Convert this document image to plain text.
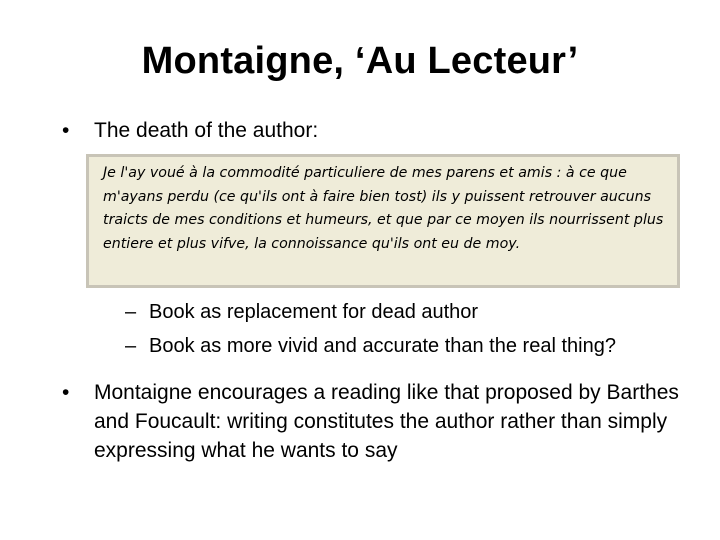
Montaigne, ‘Au Lecteur’
•	The death of the author:
Je l'ay voué à la commodité particuliere de mes parens et amis : à ce que m'ayans perdu (ce qu'ils ont à faire bien tost) ils y puissent retrouver aucuns traicts de mes conditions et humeurs, et que par ce moyen ils nourrissent plus entiere et plus vifve, la connoissance qu'ils ont eu de moy.
– Book as replacement for dead author
– Book as more vivid and accurate than the real thing?
•	Montaigne encourages a reading like that proposed by Barthes and Foucault: writing constitutes the author rather than simply expressing what he wants to say
